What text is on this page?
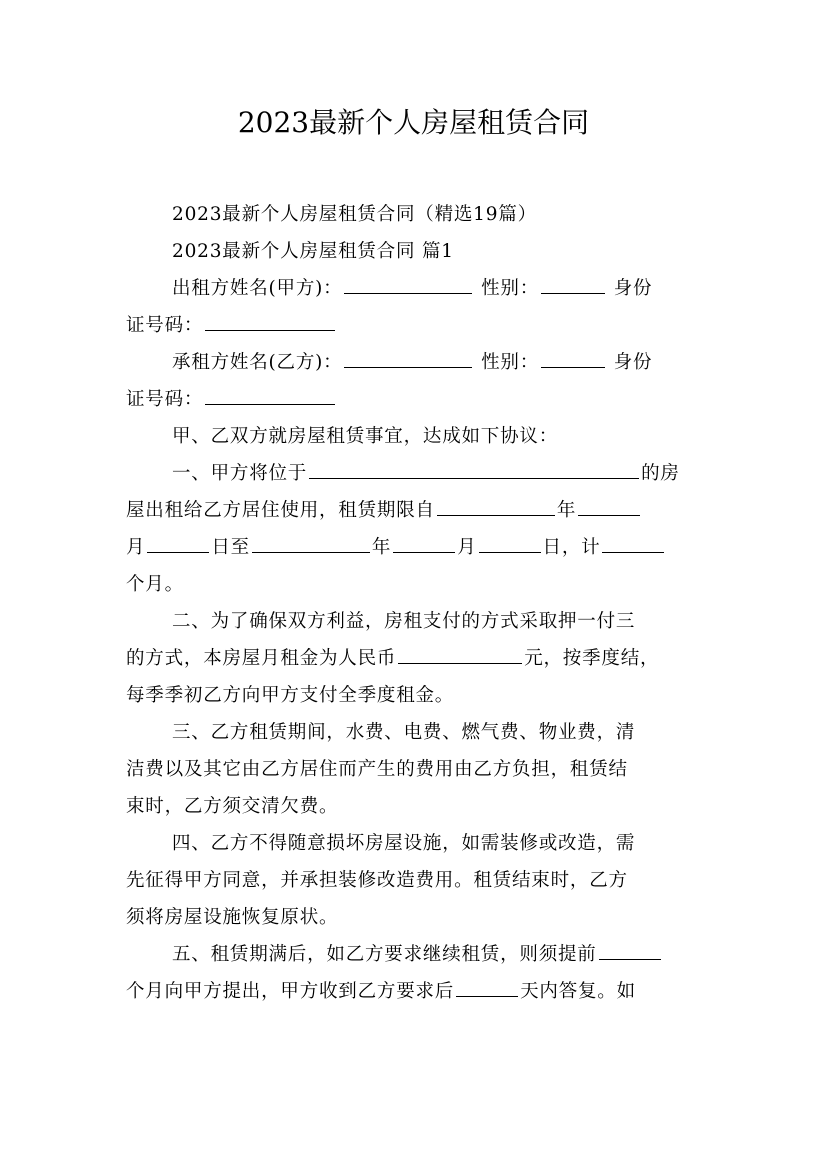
2023最新个人房屋租赁合同
2023最新个人房屋租赁合同（精选19篇）
2023最新个人房屋租赁合同 篇1
出租方姓名(甲方)：	性别：	身份
证号码：
承租方姓名(乙方)：	性别：	身份
证号码：
甲、乙双方就房屋租赁事宜，达成如下协议：
一、甲方将位于	的房
屋出租给乙方居住使用，租赁期限自	年
月	日至	年	月	日，计
个月。
二、为了确保双方利益，房租支付的方式采取押一付三
的方式，本房屋月租金为人民币	元，按季度结，
每季季初乙方向甲方支付全季度租金。
三、乙方租赁期间，水费、电费、燃气费、物业费，清
洁费以及其它由乙方居住而产生的费用由乙方负担，租赁结
束时，乙方须交清欠费。
四、乙方不得随意损坏房屋设施，如需装修或改造，需
先征得甲方同意，并承担装修改造费用。租赁结束时，乙方
须将房屋设施恢复原状。
五、租赁期满后，如乙方要求继续租赁，则须提前
个月向甲方提出，甲方收到乙方要求后	天内答复。如
